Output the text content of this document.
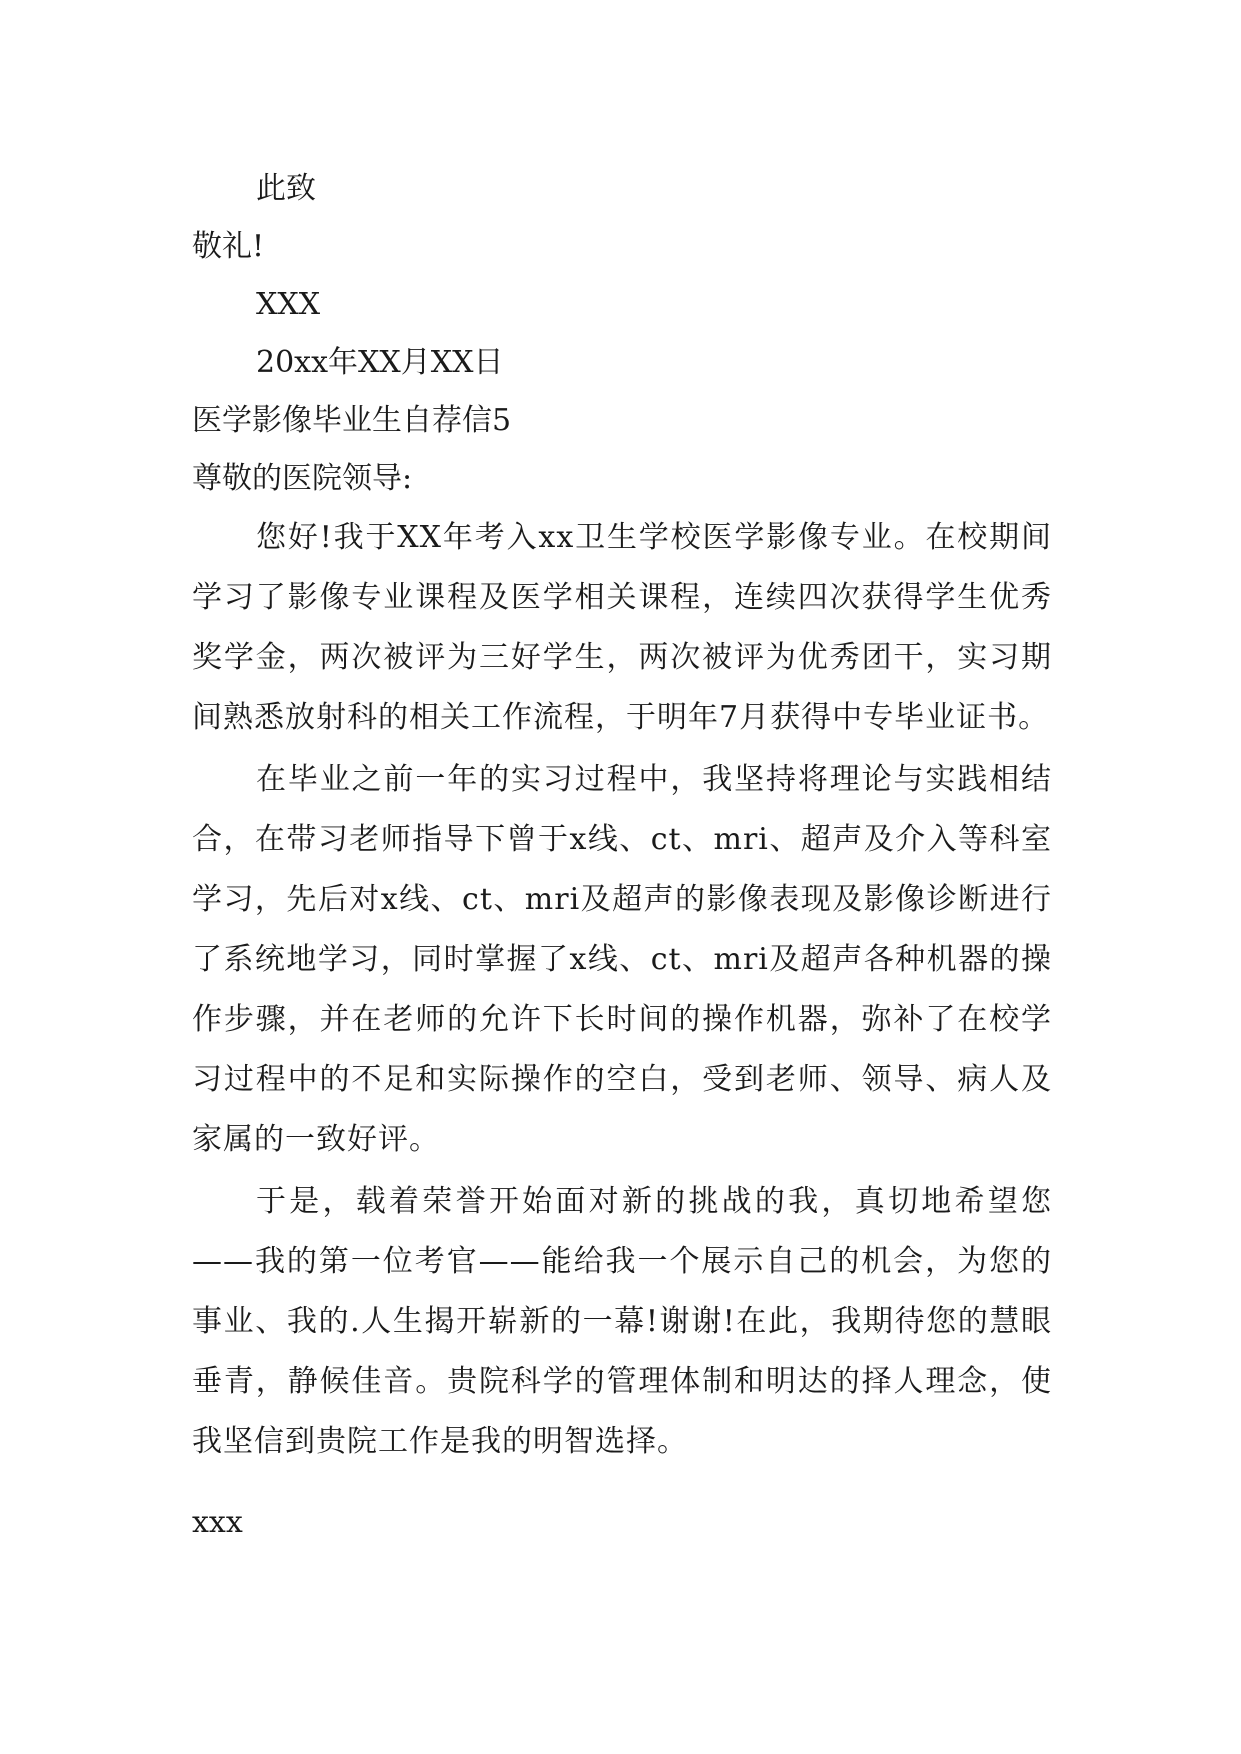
此致
敬礼!
XXX
20xx年XX月XX日
医学影像毕业生自荐信5
尊敬的医院领导:

您好!我于XX年考入xx卫生学校医学影像专业。在校期间学习了影像专业课程及医学相关课程，连续四次获得学生优秀奖学金，两次被评为三好学生，两次被评为优秀团干，实习期间熟悉放射科的相关工作流程，于明年7月获得中专毕业证书。

在毕业之前一年的实习过程中，我坚持将理论与实践相结合，在带习老师指导下曾于x线、ct、mri、超声及介入等科室学习，先后对x线、ct、mri及超声的影像表现及影像诊断进行了系统地学习，同时掌握了x线、ct、mri及超声各种机器的操作步骤，并在老师的允许下长时间的操作机器，弥补了在校学习过程中的不足和实际操作的空白，受到老师、领导、病人及家属的一致好评。

于是，载着荣誉开始面对新的挑战的我，真切地希望您——我的第一位考官——能给我一个展示自己的机会，为您的事业、我的.人生揭开崭新的一幕!谢谢!在此，我期待您的慧眼垂青，静候佳音。贵院科学的管理体制和明达的择人理念，使我坚信到贵院工作是我的明智选择。

xxx
